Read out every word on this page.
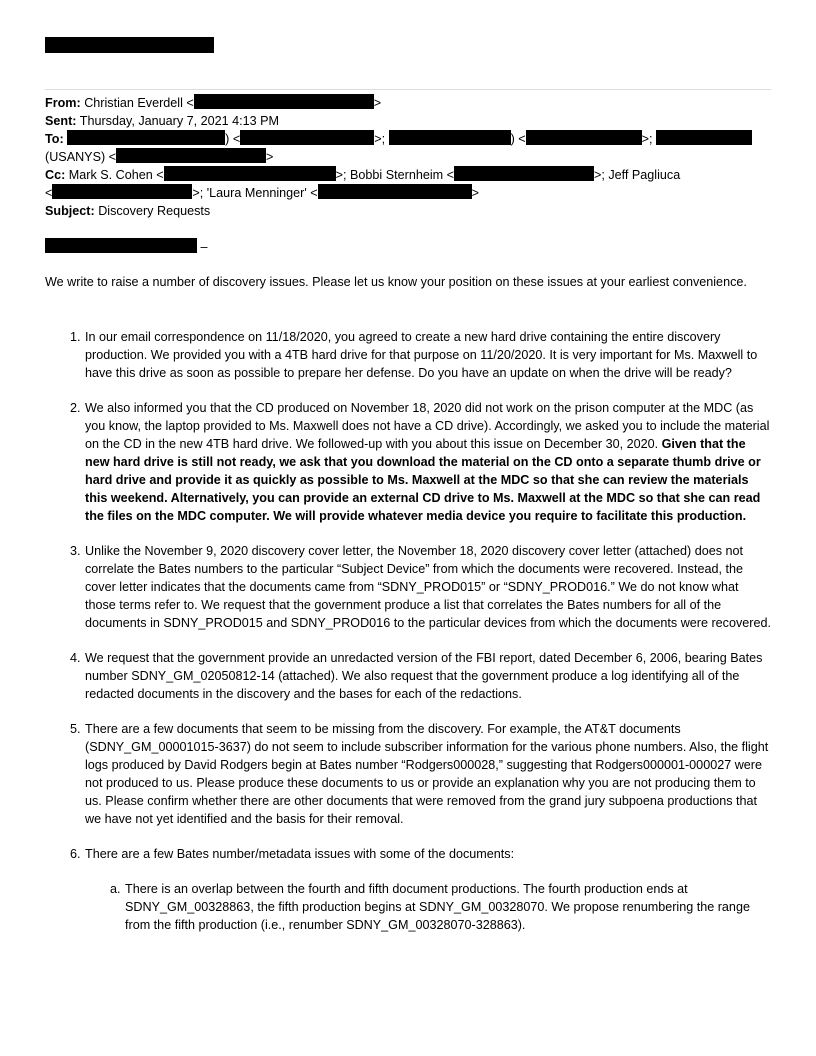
From: Christian Everdell <	>
Sent: Thursday, January 7, 2021 4:13 PM
To:	) <	>;	) <	>;
(USANYS) <	>
Cc: Mark S. Cohen <	>; Bobbi Sternheim <	>; Jeff Pagliuca
<	>; 'Laura Menninger' <	>
Subject: Discovery Requests
–
We write to raise a number of discovery issues. Please let us know your position on these issues at your earliest convenience.
1. In our email correspondence on 11/18/2020, you agreed to create a new hard drive containing the entire discovery production. We provided you with a 4TB hard drive for that purpose on 11/20/2020. It is very important for Ms. Maxwell to have this drive as soon as possible to prepare her defense. Do you have an update on when the drive will be ready?
2. We also informed you that the CD produced on November 18, 2020 did not work on the prison computer at the MDC (as you know, the laptop provided to Ms. Maxwell does not have a CD drive). Accordingly, we asked you to include the material on the CD in the new 4TB hard drive. We followed-up with you about this issue on December 30, 2020. Given that the new hard drive is still not ready, we ask that you download the material on the CD onto a separate thumb drive or hard drive and provide it as quickly as possible to Ms. Maxwell at the MDC so that she can review the materials this weekend. Alternatively, you can provide an external CD drive to Ms. Maxwell at the MDC so that she can read the files on the MDC computer. We will provide whatever media device you require to facilitate this production.
3. Unlike the November 9, 2020 discovery cover letter, the November 18, 2020 discovery cover letter (attached) does not correlate the Bates numbers to the particular “Subject Device” from which the documents were recovered. Instead, the cover letter indicates that the documents came from “SDNY_PROD015” or “SDNY_PROD016.” We do not know what those terms refer to. We request that the government produce a list that correlates the Bates numbers for all of the documents in SDNY_PROD015 and SDNY_PROD016 to the particular devices from which the documents were recovered.
4. We request that the government provide an unredacted version of the FBI report, dated December 6, 2006, bearing Bates number SDNY_GM_02050812-14 (attached). We also request that the government produce a log identifying all of the redacted documents in the discovery and the bases for each of the redactions.
5. There are a few documents that seem to be missing from the discovery. For example, the AT&T documents (SDNY_GM_00001015-3637) do not seem to include subscriber information for the various phone numbers. Also, the flight logs produced by David Rodgers begin at Bates number “Rodgers000028,” suggesting that Rodgers000001-000027 were not produced to us. Please produce these documents to us or provide an explanation why you are not producing them to us. Please confirm whether there are other documents that were removed from the grand jury subpoena productions that we have not yet identified and the basis for their removal.
6. There are a few Bates number/metadata issues with some of the documents:
a. There is an overlap between the fourth and fifth document productions. The fourth production ends at SDNY_GM_00328863, the fifth production begins at SDNY_GM_00328070. We propose renumbering the range from the fifth production (i.e., renumber SDNY_GM_00328070-328863).
